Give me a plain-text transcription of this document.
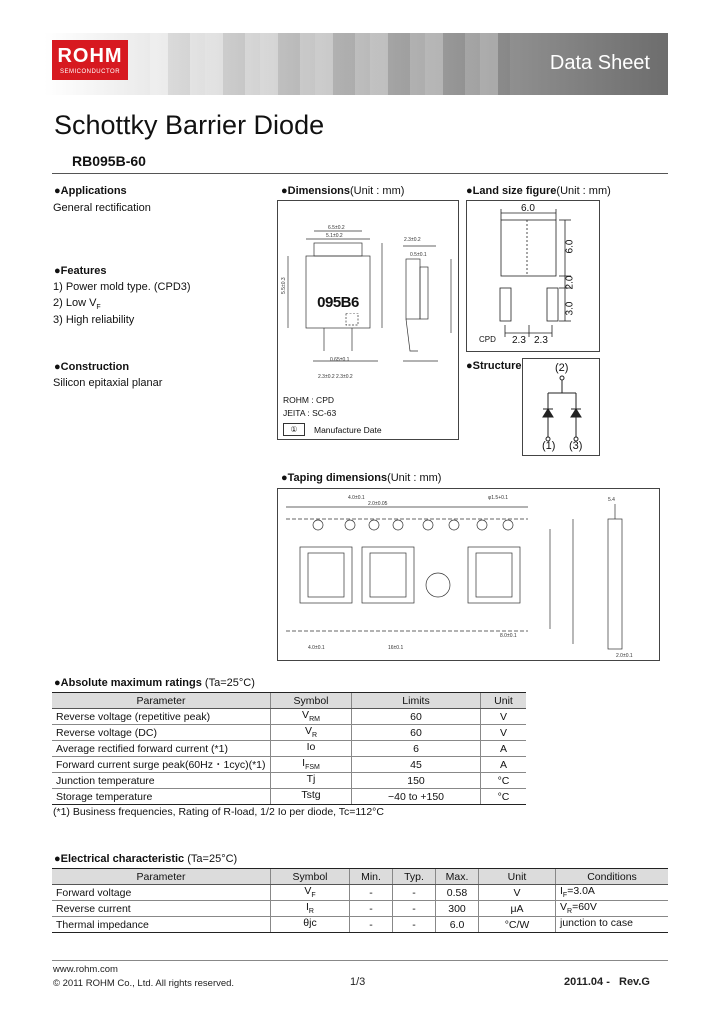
ROHM
SEMICONDUCTOR	Data Sheet
Schottky Barrier Diode
RB095B-60
●Applications
General rectification
●Features
1) Power mold type. (CPD3)
2) Low $V_F$
3) High reliability
●Construction
Silicon epitaxial planar
●Dimensions(Unit : mm)
6.5±0.2
5.1±0.2
5.5±0.3
2.3±0.2
0.5±0.1
0.65±0.1
2.3±0.2 2.3±0.2
095B6
ROHM : CPD
JEITA : SC-63
①	Manufacture Date
●Land size figure(Unit : mm)
6.0
6.0
2.0
3.0
2.3 2.3
CPD
●Structure	(2)
(1) (3)
●Taping dimensions(Unit : mm)
4.0±0.1
2.0±0.05
φ1.5+0.1
4.0±0.1	16±0.1
8.0±0.1
5.4
2.0±0.1
●Absolute maximum ratings (Ta=25°C)
Parameter	Symbol	Limits	Unit
Reverse voltage (repetitive peak)	$V_{RM}$	60	V
Reverse voltage (DC)	$V_R$	60	V
Average rectified forward current (*1)	Io	6	A
Forward current surge peak(60Hz・1cyc)(*1)	$I_{FSM}$	45	A
Junction temperature	Tj	150	°C
Storage temperature	Tstg	−40 to +150	°C
(*1) Business frequencies, Rating of R-load, 1/2 Io per diode, Tc=112°C
●Electrical characteristic (Ta=25°C)
Parameter	Symbol	Min.	Typ.	Max.	Unit	Conditions
Forward voltage	$V_F$	-	-	0.58	V	$I_F=3.0A$
Reverse current	$I_R$	-	-	300	μA	$V_R=60V$
Thermal impedance	θjc	-	-	6.0	°C/W	junction to case
www.rohm.com
© 2011 ROHM Co., Ltd. All rights reserved.	1/3	2011.04 - Rev.G
